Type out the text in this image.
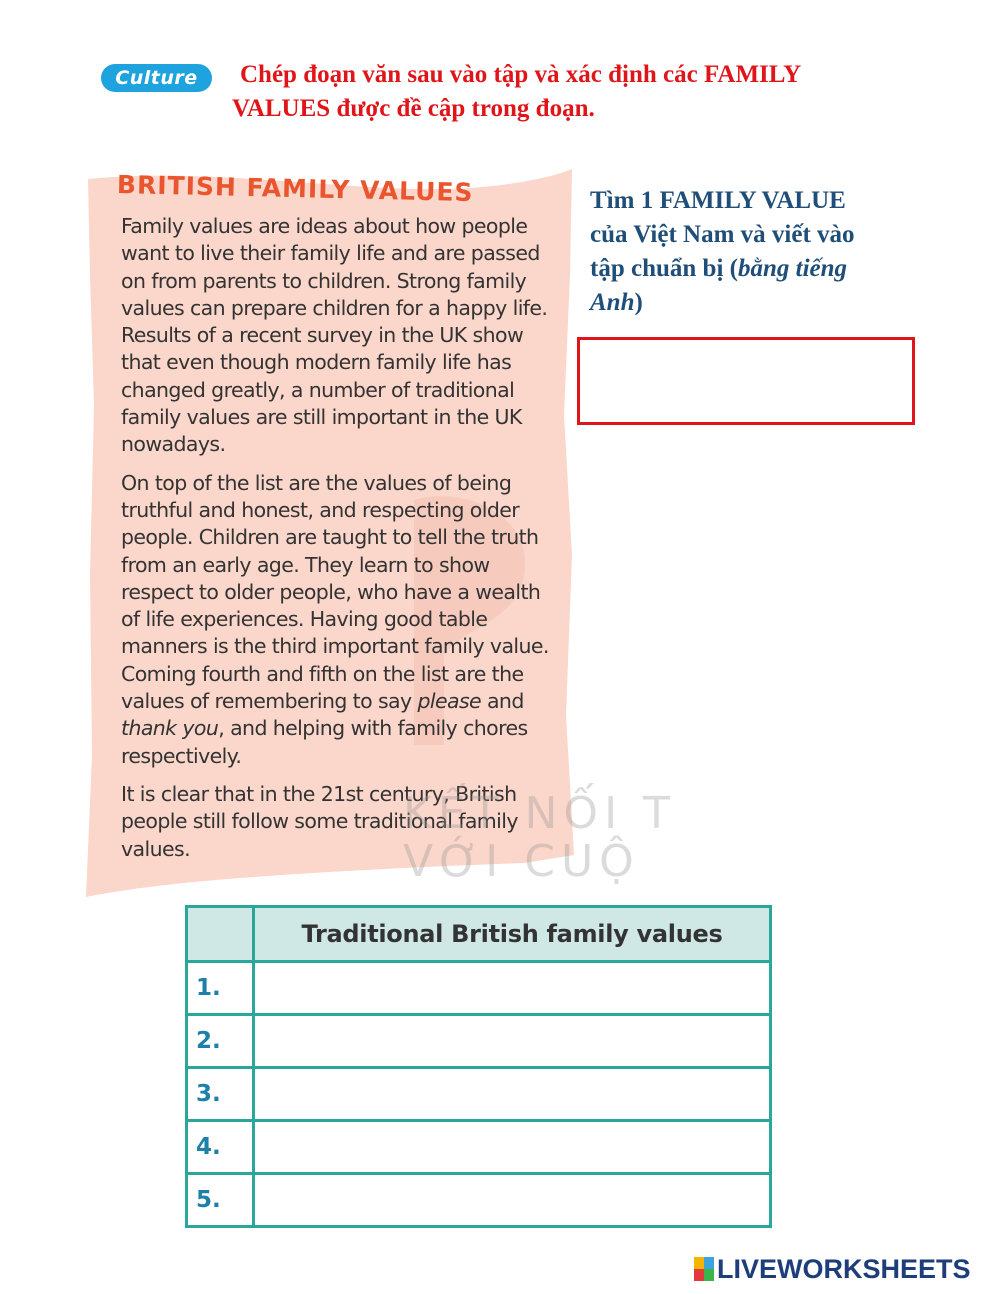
Culture	Chép đoạn văn sau vào tập và xác định các FAMILY
VALUES được đề cập trong đoạn.
BRITISH FAMILY VALUES

Family values are ideas about how people
want to live their family life and are passed
on from parents to children. Strong family
values can prepare children for a happy life.
Results of a recent survey in the UK show
that even though modern family life has
changed greatly, a number of traditional
family values are still important in the UK
nowadays.

On top of the list are the values of being
truthful and honest, and respecting older
people. Children are taught to tell the truth
from an early age. They learn to show
respect to older people, who have a wealth
of life experiences. Having good table
manners is the third important family value.
Coming fourth and fifth on the list are the
values of remembering to say please and
thank you, and helping with family chores
respectively.

It is clear that in the 21st century, British
people still follow some traditional family
values.

KẾT NỐI T
VỚI CUỘ
Tìm 1 FAMILY VALUE
của Việt Nam và viết vào
tập chuẩn bị (bằng tiếng
Anh)
	Traditional British family values
1.	
2.	
3.	
4.	
5.	
LIVEWORKSHEETS
